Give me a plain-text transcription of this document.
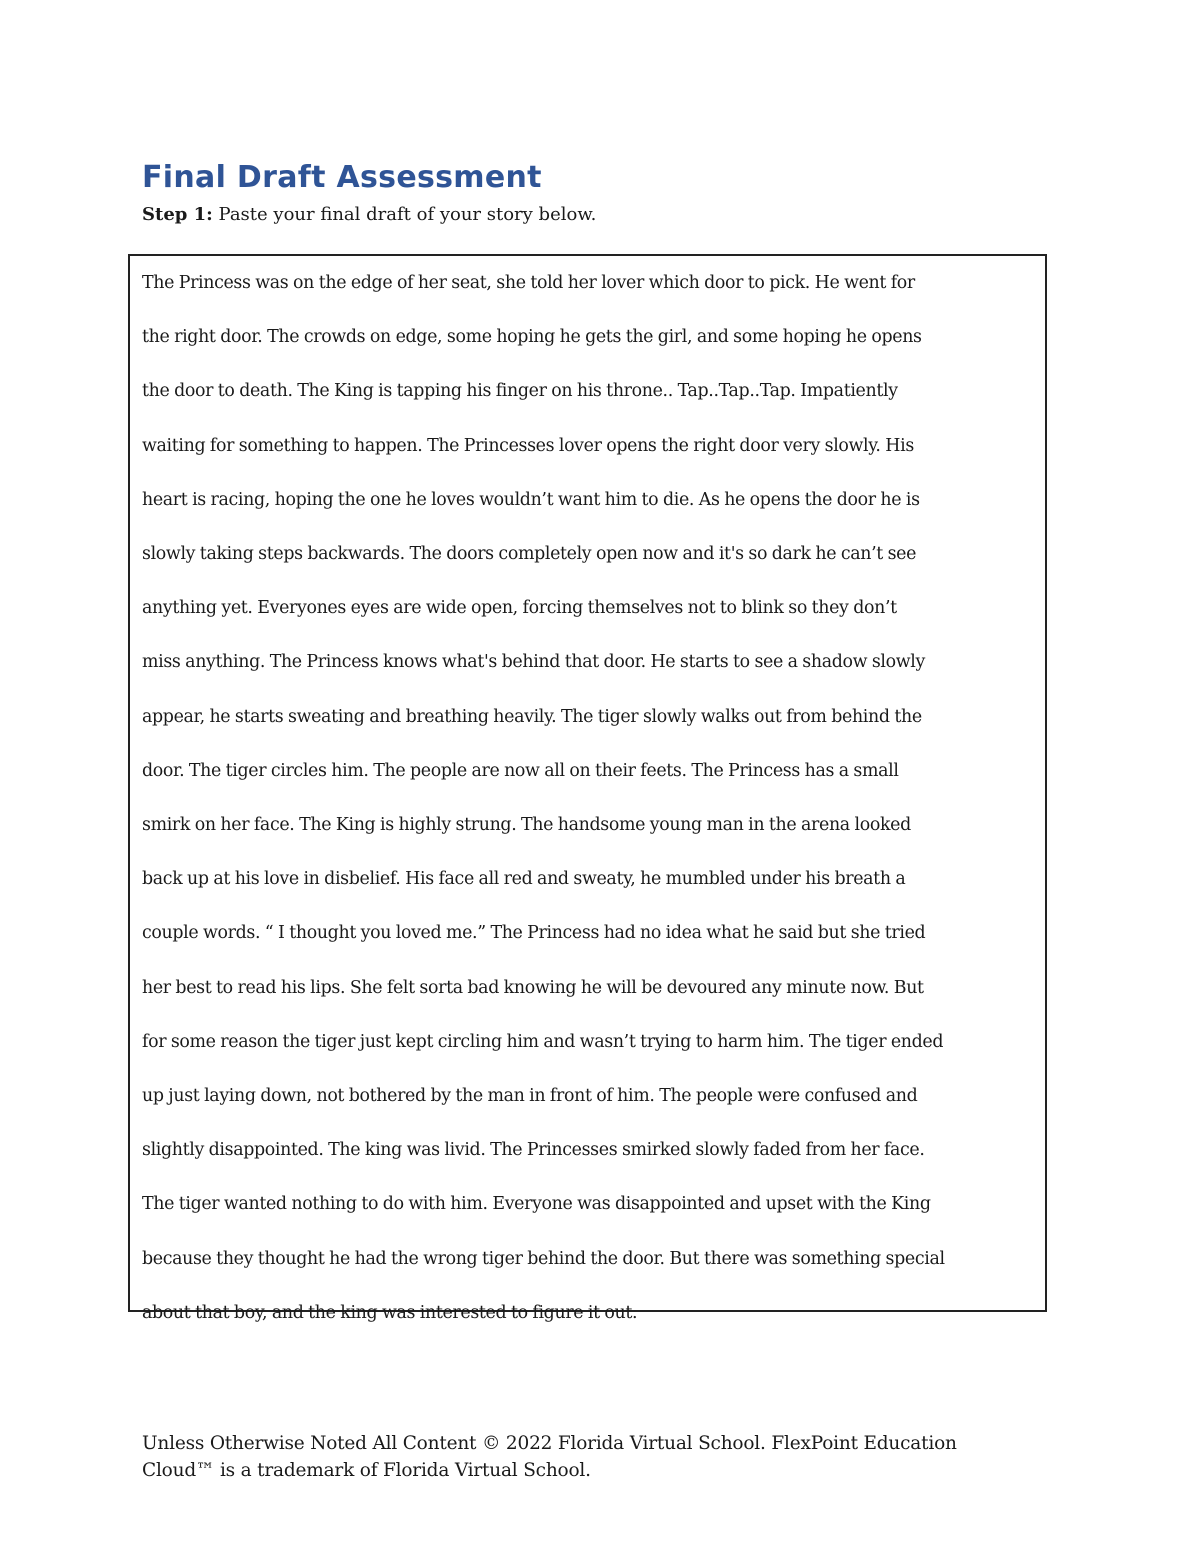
Final Draft Assessment
Step 1: Paste your final draft of your story below.

The Princess was on the edge of her seat, she told her lover which door to pick. He went for
the right door. The crowds on edge, some hoping he gets the girl, and some hoping he opens
the door to death. The King is tapping his finger on his throne.. Tap..Tap..Tap. Impatiently
waiting for something to happen. The Princesses lover opens the right door very slowly. His
heart is racing, hoping the one he loves wouldn’t want him to die. As he opens the door he is
slowly taking steps backwards. The doors completely open now and it's so dark he can’t see
anything yet. Everyones eyes are wide open, forcing themselves not to blink so they don’t
miss anything. The Princess knows what's behind that door. He starts to see a shadow slowly
appear, he starts sweating and breathing heavily. The tiger slowly walks out from behind the
door. The tiger circles him. The people are now all on their feets. The Princess has a small
smirk on her face. The King is highly strung. The handsome young man in the arena looked
back up at his love in disbelief. His face all red and sweaty, he mumbled under his breath a
couple words. “ I thought you loved me.” The Princess had no idea what he said but she tried
her best to read his lips. She felt sorta bad knowing he will be devoured any minute now. But
for some reason the tiger just kept circling him and wasn’t trying to harm him. The tiger ended
up just laying down, not bothered by the man in front of him. The people were confused and
slightly disappointed. The king was livid. The Princesses smirked slowly faded from her face.
The tiger wanted nothing to do with him. Everyone was disappointed and upset with the King
because they thought he had the wrong tiger behind the door. But there was something special
about that boy, and the king was interested to figure it out.

Unless Otherwise Noted All Content © 2022 Florida Virtual School. FlexPoint Education
Cloud™ is a trademark of Florida Virtual School.
